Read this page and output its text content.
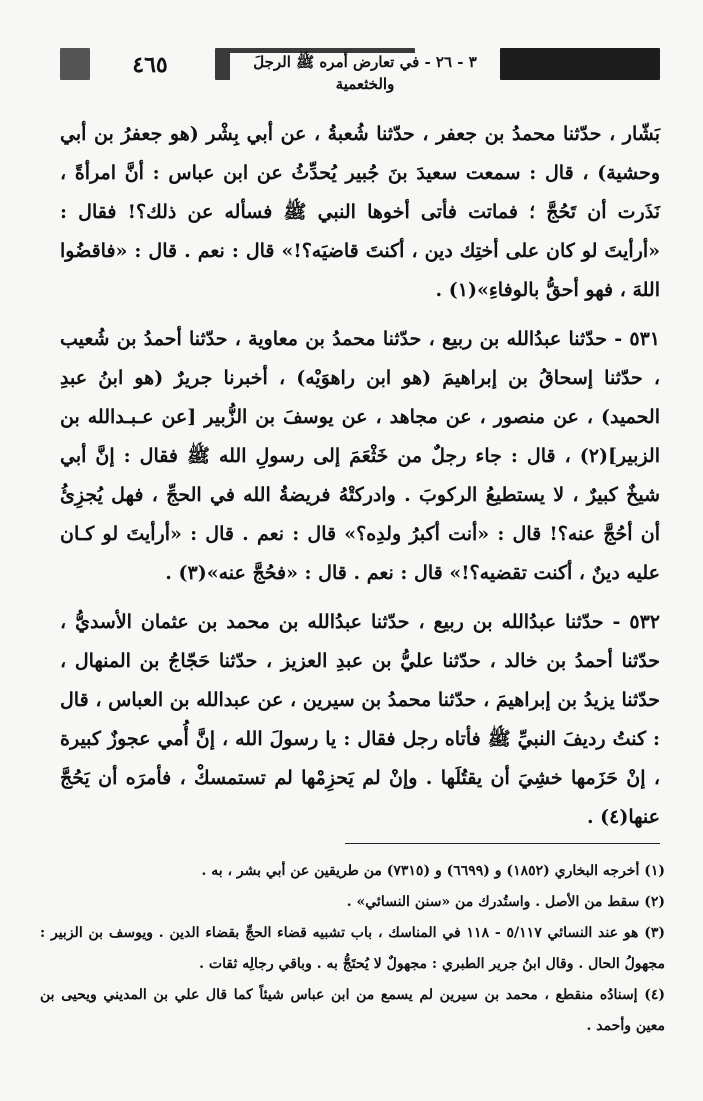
٤٦٥	٣ - ٢٦ - في تعارض أمره ﷺ الرجلَ والخثعمية

بَشّار ، حدّثنا محمدُ بن جعفر ، حدّثنا شُعبةُ ، عن أبي بِشْر (هو جعفرُ بن أبي وحشية) ، قال : سمعت سعيدَ بنَ جُبير يُحدِّثُ عن ابن عباس : أنَّ امرأةً ، نَذَرت أن تَحُجَّ ؛ فماتت فأتى أخوها النبي ﷺ فسأله عن ذلك؟! فقال : «أرأيتَ لو كان على أختِك دين ، أكنتَ قاضيَه؟!» قال : نعم . قال : «فاقضُوا اللهَ ، فهو أحقُّ بالوفاءِ»(١) .

٥٣١ - حدّثنا عبدُالله بن ربيع ، حدّثنا محمدُ بن معاوية ، حدّثنا أحمدُ بن شُعيب ، حدّثنا إسحاقُ بن إبراهيمَ (هو ابن راهوَيْه) ، أخبرنا جريرٌ (هو ابنُ عبدِ الحميد) ، عن منصور ، عن مجاهد ، عن يوسفَ بن الزُّبير [عن عـبـدالله بن الزبير](٢) ، قال : جاء رجلٌ من خَثْعَمَ إلى رسولِ الله ﷺ فقال : إنَّ أبي شيخٌ كبيرٌ ، لا يستطيعُ الركوبَ . وادركتْهُ فريضةُ الله في الحجِّ ، فهل يُجزِئُ أن أحُجَّ عنه؟! قال : «أنت أكبرُ ولدِه؟» قال : نعم . قال : «أرأيتَ لو كـان عليه دينٌ ، أكنت تقضيه؟!» قال : نعم . قال : «فحُجَّ عنه»(٣) .

٥٣٢ - حدّثنا عبدُالله بن ربيع ، حدّثنا عبدُالله بن محمد بن عثمان الأسديُّ ، حدّثنا أحمدُ بن خالد ، حدّثنا عليُّ بن عبدِ العزيز ، حدّثنا حَجّاجُ بن المنهال ، حدّثنا يزيدُ بن إبراهيمَ ، حدّثنا محمدُ بن سيرين ، عن عبدالله بن العباس ، قال : كنتُ رديفَ النبيِّ ﷺ فأتاه رجل فقال : يا رسولَ الله ، إنَّ أُمي عجوزٌ كبيرة ، إنْ حَزَمها خشِيَ أن يقتُلَها . وإنْ لم يَحزِمْها لم تستمسكْ ، فأمرَه أن يَحُجَّ عنها(٤) .

(١) أخرجه البخاري (١٨٥٢) و (٦٦٩٩) و (٧٣١٥) من طريقين عن أبي بشر ، به .
(٢) سقط من الأصل . واستُدرك من «سنن النسائي» .
(٣) هو عند النسائي ٥/١١٧ - ١١٨ في المناسك ، باب تشبيه قضاء الحجِّ بقضاء الدين . ويوسف بن الزبير : مجهولُ الحال . وقال ابنُ جرير الطبري : مجهولٌ لا يُحتَجُّ به . وباقي رجالِه ثقات .
(٤) إسنادُه منقطع ، محمد بن سيرين لم يسمع من ابن عباس شيئاً كما قال علي بن المديني ويحيى بن معين وأحمد .
